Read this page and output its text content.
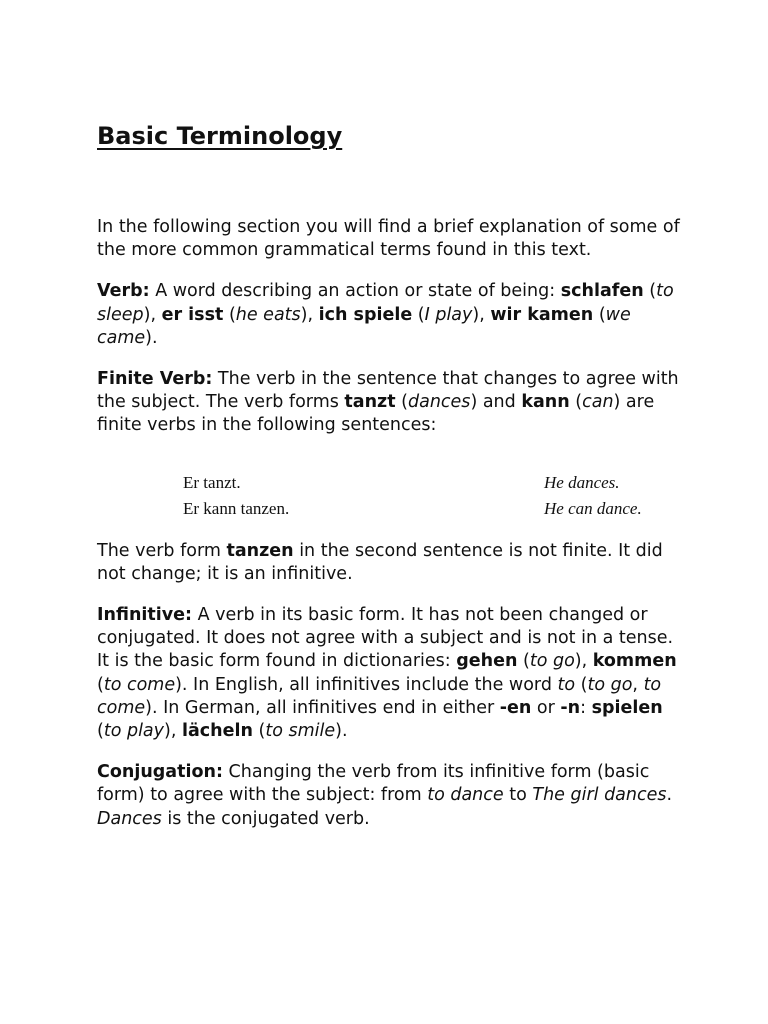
Basic Terminology

In the following section you will find a brief explanation of some of the more common grammatical terms found in this text.

Verb: A word describing an action or state of being: schlafen (to sleep), er isst (he eats), ich spiele (I play), wir kamen (we came).

Finite Verb: The verb in the sentence that changes to agree with the subject. The verb forms tanzt (dances) and kann (can) are finite verbs in the following sentences:

Er tanzt.
Er kann tanzen.
He dances.
He can dance.

The verb form tanzen in the second sentence is not finite. It did not change; it is an infinitive.

Infinitive: A verb in its basic form. It has not been changed or conjugated. It does not agree with a subject and is not in a tense. It is the basic form found in dictionaries: gehen (to go), kommen (to come). In English, all infinitives include the word to (to go, to come). In German, all infinitives end in either -en or -n: spielen (to play), lächeln (to smile).

Conjugation: Changing the verb from its infinitive form (basic form) to agree with the subject: from to dance to The girl dances. Dances is the conjugated verb.
